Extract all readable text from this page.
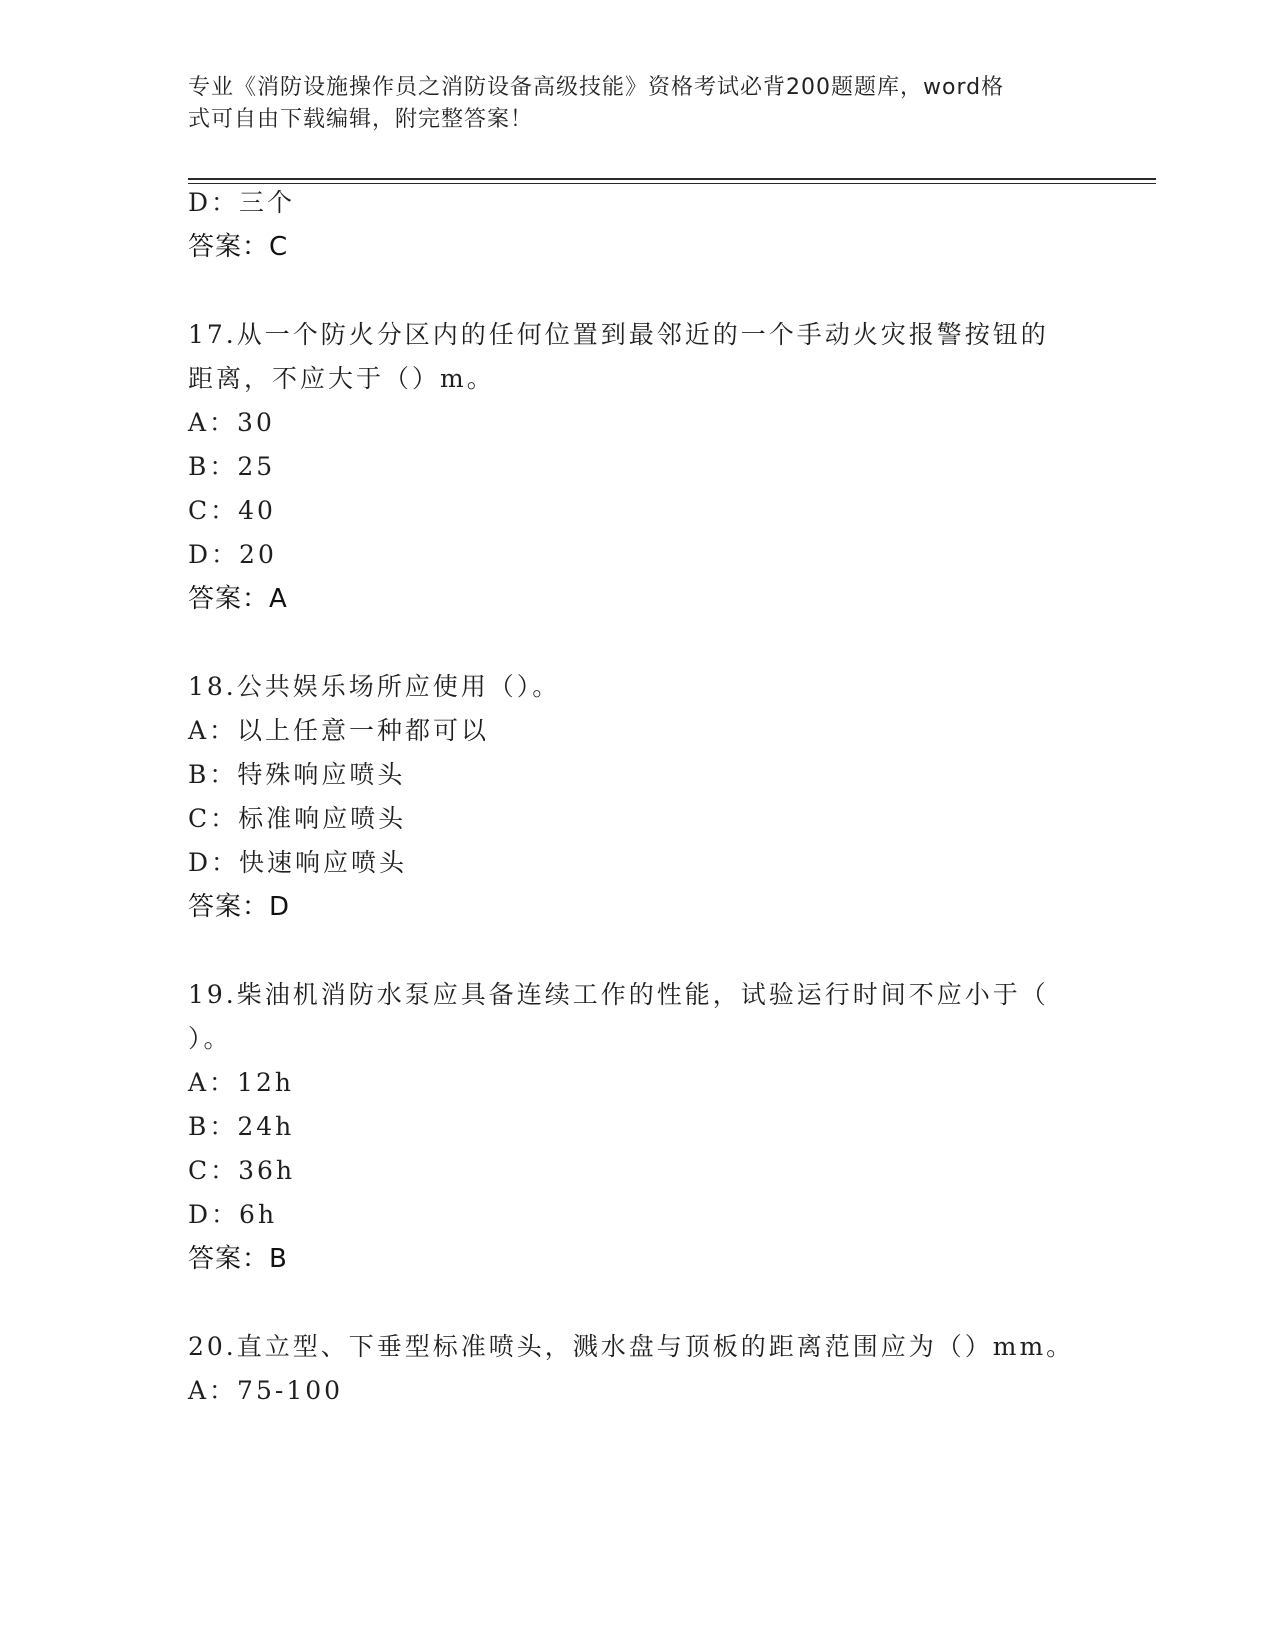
专业《消防设施操作员之消防设备高级技能》资格考试必背200题题库，word格
式可自由下载编辑，附完整答案！
D：三个
答案：C
17.从一个防火分区内的任何位置到最邻近的一个手动火灾报警按钮的
距离，不应大于（）m。
A：30
B：25
C：40
D：20
答案：A
18.公共娱乐场所应使用（）。
A：以上任意一种都可以
B：特殊响应喷头
C：标准响应喷头
D：快速响应喷头
答案：D
19.柴油机消防水泵应具备连续工作的性能，试验运行时间不应小于（
）。
A：12h
B：24h
C：36h
D：6h
答案：B
20.直立型、下垂型标准喷头，溅水盘与顶板的距离范围应为（）mm。
A：75-100
